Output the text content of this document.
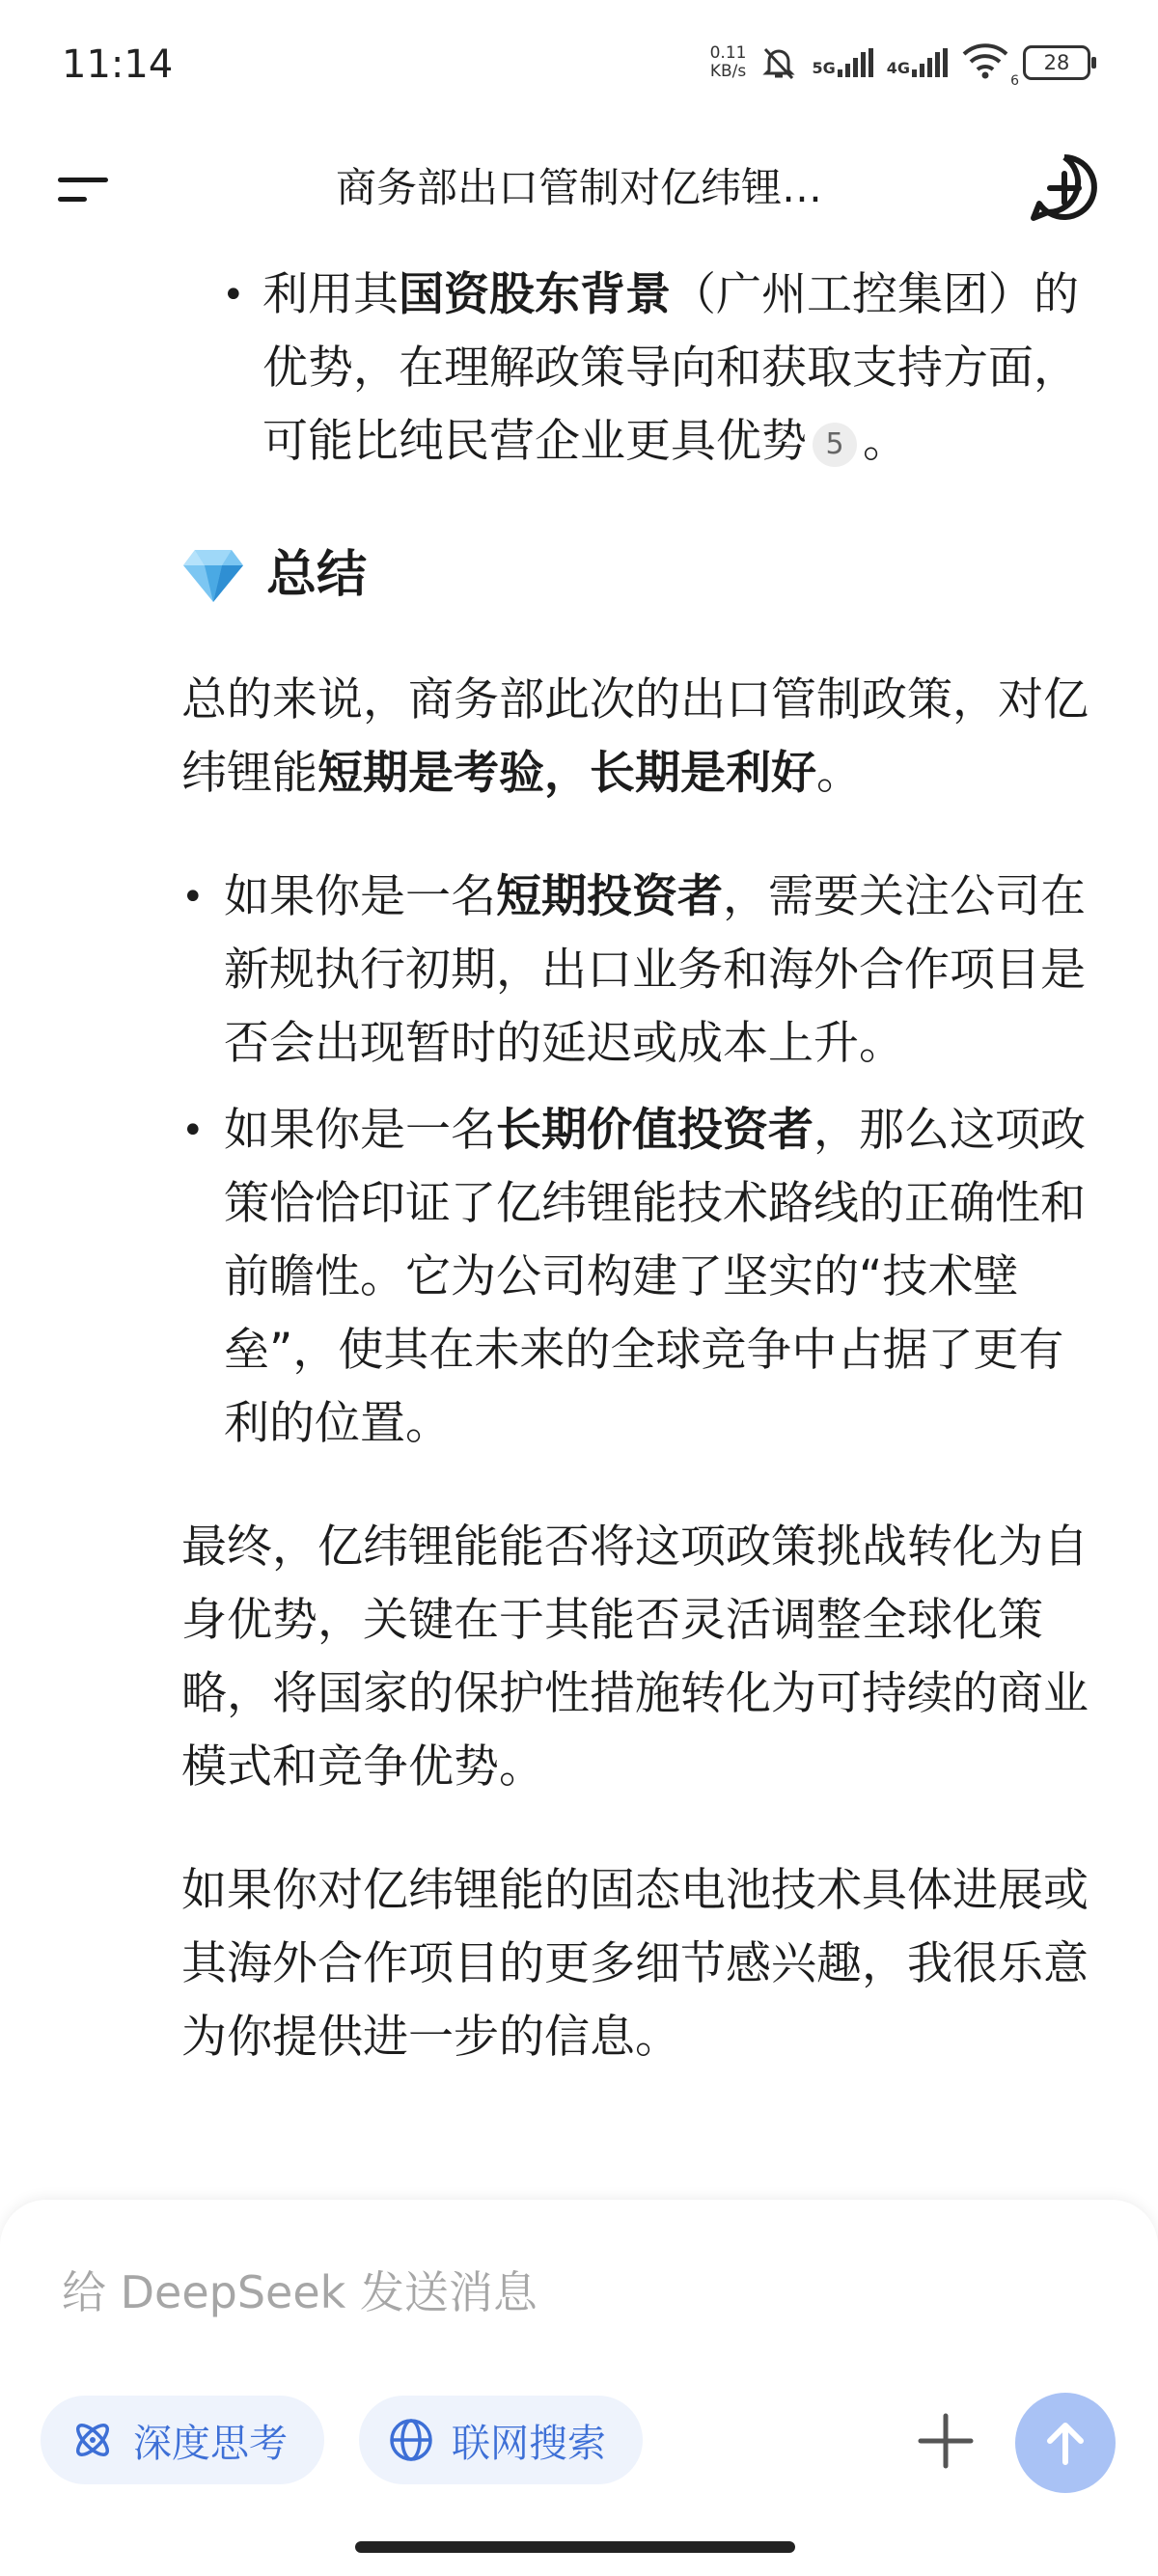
11:14	0.11
KB/s	5G	4G
6
28
商务部出口管制对亿纬锂…
• 利用其国资股东背景（广州工控集团）的优势，在理解政策导向和获取支持方面，可能比纯民营企业更具优势 5 。
总结
总的来说，商务部此次的出口管制政策，对亿纬锂能短期是考验，长期是利好。
• 如果你是一名短期投资者，需要关注公司在新规执行初期，出口业务和海外合作项目是否会出现暂时的延迟或成本上升。
• 如果你是一名长期价值投资者，那么这项政策恰恰印证了亿纬锂能技术路线的正确性和前瞻性。它为公司构建了坚实的“技术壁垒”，使其在未来的全球竞争中占据了更有利的位置。
最终，亿纬锂能能否将这项政策挑战转化为自身优势，关键在于其能否灵活调整全球化策略，将国家的保护性措施转化为可持续的商业模式和竞争优势。
如果你对亿纬锂能的固态电池技术具体进展或其海外合作项目的更多细节感兴趣，我很乐意为你提供进一步的信息。
给 DeepSeek 发送消息
深度思考	联网搜索
